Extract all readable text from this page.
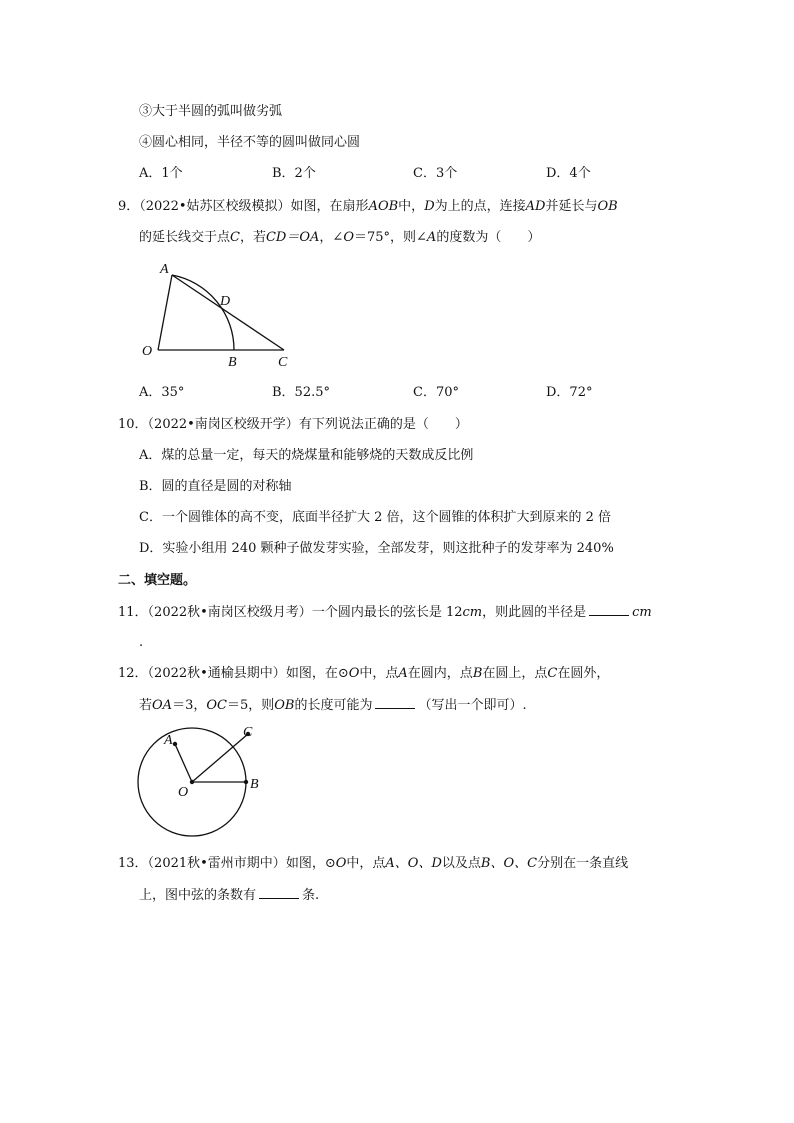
③大于半圆的弧叫做劣弧
④圆心相同，半径不等的圆叫做同心圆
A．1个	B．2个	C．3个	D．4个
9．（2022•姑苏区校级模拟）如图，在扇形AOB中，D为上的点，连接AD并延长与OB
的延长线交于点C，若CD＝OA，∠O＝75°，则∠A的度数为（　　）
A
D
O
B	C
A．35°	B．52.5°	C．70°	D．72°
10．（2022•南岗区校级开学）有下列说法正确的是（　　）
A．煤的总量一定，每天的烧煤量和能够烧的天数成反比例
B．圆的直径是圆的对称轴
C．一个圆锥体的高不变，底面半径扩大 2 倍，这个圆锥的体积扩大到原来的 2 倍
D．实验小组用 240 颗种子做发芽实验，全部发芽，则这批种子的发芽率为 240%
二、填空题。
11．（2022秋•南岗区校级月考）一个圆内最长的弦长是 12cm，则此圆的半径是	cm
.
12．（2022秋•通榆县期中）如图，在⊙O中，点A在圆内，点B在圆上，点C在圆外，
若OA＝3，OC＝5，则OB的长度可能为	（写出一个即可）.
A
C
O
B
13．（2021秋•雷州市期中）如图，⊙O中，点A、O、D以及点B、O、C分别在一条直线
上，图中弦的条数有	条.
